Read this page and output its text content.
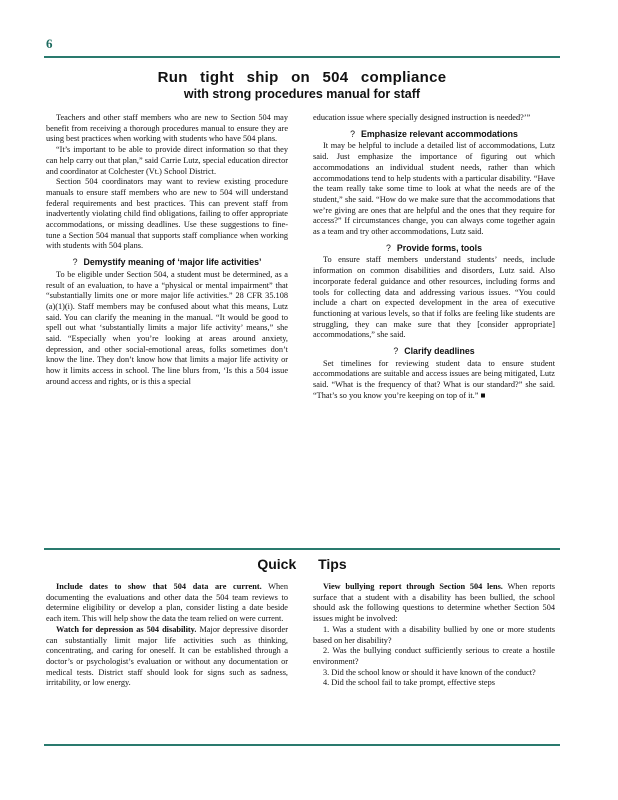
6
Run tight ship on 504 compliance
with strong procedures manual for staff

Teachers and other staff members who are new to Section 504 may benefit from receiving a thorough procedures manual to ensure they are using best practices when working with students who have 504 plans.

“It’s important to be able to provide direct information so that they can help carry out that plan,” said Carrie Lutz, special education director and coordinator at Colchester (Vt.) School District.

Section 504 coordinators may want to review existing procedure manuals to ensure staff members who are new to 504 will understand federal requirements and best practices. This can prevent staff from inadvertently violating child find obligations, failing to offer appropriate accommodations, or missing deadlines. Use these suggestions to fine-tune a Section 504 manual that supports staff compliance when working with students with 504 plans.

? Demystify meaning of ‘major life activities’

To be eligible under Section 504, a student must be determined, as a result of an evaluation, to have a “physical or mental impairment” that “substantially limits one or more major life activities.” 28 CFR 35.108 (a)(1)(i). Staff members may be confused about what this means, Lutz said. You can clarify the meaning in the manual. “It would be good to spell out what ‘substantially limits a major life activity’ means,” she said. “Especially when you’re looking at areas around anxiety, depression, and other social-emotional areas, folks sometimes don’t know the line. They don’t know how that limits a major life activity or how it limits access in school. The line blurs from, ‘Is this a 504 issue around access and rights, or is this a special

education issue where specially designed instruction is needed?’”

? Emphasize relevant accommodations

It may be helpful to include a detailed list of accommodations, Lutz said. Just emphasize the importance of figuring out which accommodations an individual student needs, rather than which accommodations tend to help students with a particular disability. “Have the team really take some time to look at what the needs are of the student,” she said. “How do we make sure that the accommodations that we’re giving are ones that are helpful and the ones that they require for access?” If circumstances change, you can always come together again as a team and try other accommodations, Lutz said.

? Provide forms, tools

To ensure staff members understand students’ needs, include information on common disabilities and disorders, Lutz said. Also incorporate federal guidance and other resources, including forms and tools for collecting data and addressing various issues. “You could include a chart on expected development in the area of executive functioning at various levels, so that if folks are feeling like students are struggling, they can make sure that they [consider appropriate] accommodations,” she said.

? Clarify deadlines

Set timelines for reviewing student data to ensure student accommodations are suitable and access issues are being mitigated, Lutz said. “What is the frequency of that? What is our standard?” she said. “That’s so you know you’re keeping on top of it.” ■

Quick Tips

Include dates to show that 504 data are current. When documenting the evaluations and other data the 504 team reviews to determine eligibility or develop a plan, consider listing a date beside each item. This will help show the data the team relied on were current.

Watch for depression as 504 disability. Major depressive disorder can substantially limit major life activities such as thinking, concentrating, and caring for oneself. It can be established through a doctor’s or psychologist’s evaluation or without any documentation or medical tests. District staff should look for signs such as sadness, irritability, or low energy.

View bullying report through Section 504 lens. When reports surface that a student with a disability has been bullied, the school should ask the following questions to determine whether Section 504 issues might be involved:

1. Was a student with a disability bullied by one or more students based on her disability?

2. Was the bullying conduct sufficiently serious to create a hostile environment?

3. Did the school know or should it have known of the conduct?

4. Did the school fail to take prompt, effective steps
